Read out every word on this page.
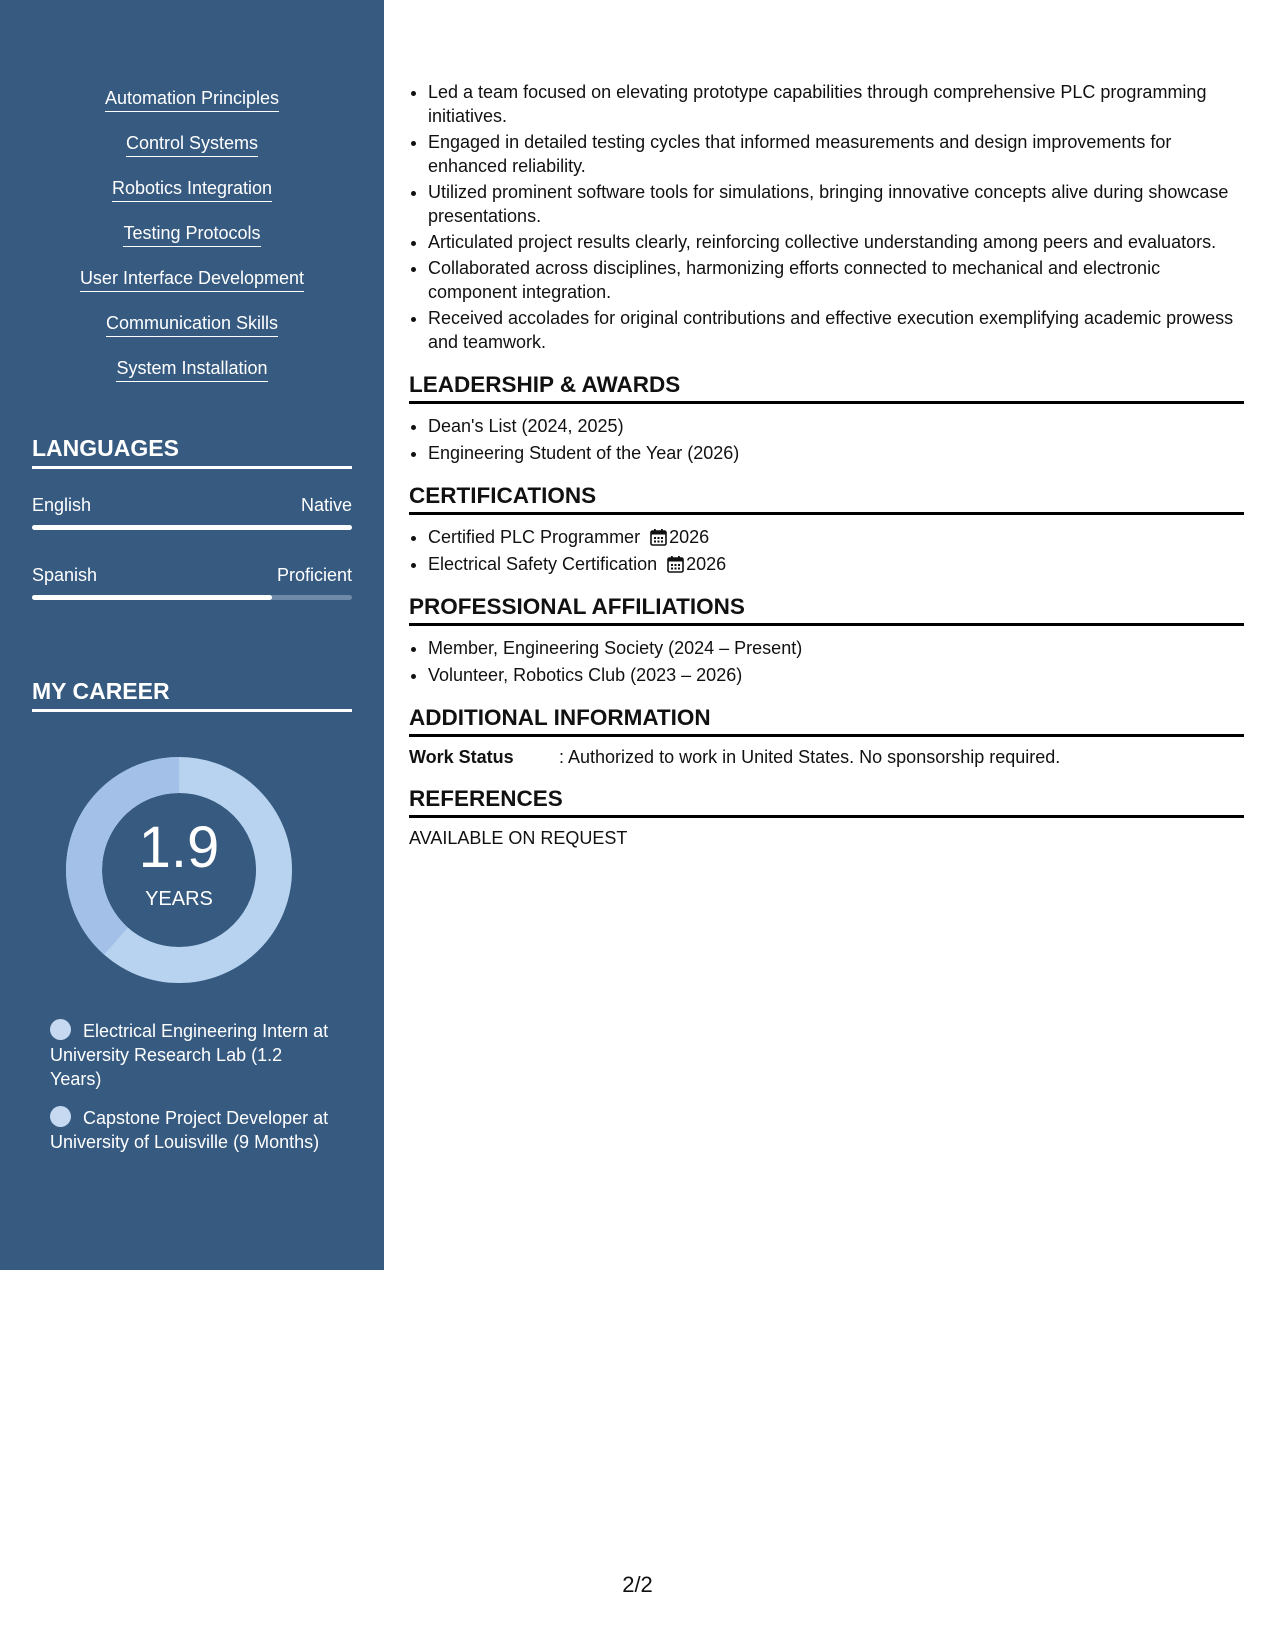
Automation Principles
Control Systems
Robotics Integration
Testing Protocols
User Interface Development
Communication Skills
System Installation
LANGUAGES
English	Native
Spanish	Proficient
MY CAREER
1.9
YEARS
Electrical Engineering Intern at University Research Lab (1.2 Years)
Capstone Project Developer at University of Louisville (9 Months)
• Led a team focused on elevating prototype capabilities through comprehensive PLC programming initiatives.
• Engaged in detailed testing cycles that informed measurements and design improvements for enhanced reliability.
• Utilized prominent software tools for simulations, bringing innovative concepts alive during showcase presentations.
• Articulated project results clearly, reinforcing collective understanding among peers and evaluators.
• Collaborated across disciplines, harmonizing efforts connected to mechanical and electronic component integration.
• Received accolades for original contributions and effective execution exemplifying academic prowess and teamwork.
LEADERSHIP & AWARDS
• Dean's List (2024, 2025)
• Engineering Student of the Year (2026)
CERTIFICATIONS
• Certified PLC Programmer 2026
• Electrical Safety Certification 2026
PROFESSIONAL AFFILIATIONS
• Member, Engineering Society (2024 – Present)
• Volunteer, Robotics Club (2023 – 2026)
ADDITIONAL INFORMATION
Work Status	: Authorized to work in United States. No sponsorship required.
REFERENCES
AVAILABLE ON REQUEST
2/2
